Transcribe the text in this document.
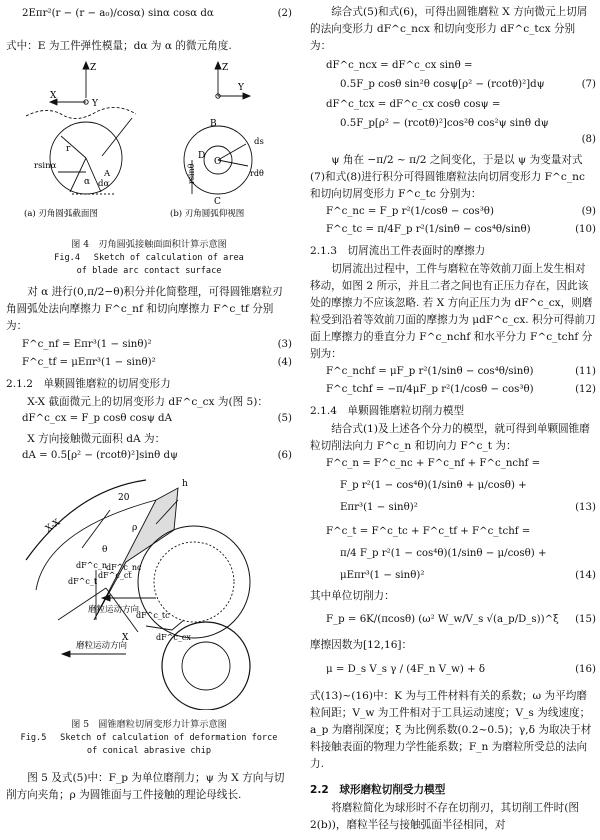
2Eπr²(r − (r − a₀)/cosα) sinα cosα dα	(2)
式中：E 为工件弹性模量；dα 为 α 的微元角度.
Z
X
Y
r
rsinα
α dα
A
(a) 刃角圆弧截面图
Z
Y
B
O
C
D
ds
rsinθ	rdθ
(b) 刃角圆弧仰视图
图 4　刃角圆弧接触面面积计算示意图
Fig.4　 Sketch of calculation of area
of blade arc contact surface
对 α 进行(0,π/2−θ)积分并化简整理，可得圆锥磨粒刃角圆弧处法向摩擦力 F^c_nf 和切向摩擦力 F^c_tf 分别为：
F^c_nf = Eπr³(1 − sinθ)²	(3)
F^c_tf = μEπr³(1 − sinθ)²	(4)
2.1.2　单颗圆锥磨粒的切屑变形力
X-X 截面微元上的切屑变形力 dF^c_cx 为(图 5)：
dF^c_cx = F_p cosθ cosψ dA	(5)
X 方向接触微元面积 dA 为：
dA = 0.5[ρ² − (rcotθ)²]sinθ dψ	(6)
X-X
20
h
ρ
θ
dF^c_n
dF^c_nc
dF^c_ct
dF^c_t
磨粒运动方向
dF^c_tc
dF^c_cx
磨粒运动方向
X
图 5　圆锥磨粒切屑变形力计算示意图
Fig.5　 Sketch of calculation of deformation force
of conical abrasive chip
图 5 及式(5)中：F_p 为单位磨削力；ψ 为 X 方向与切削方向夹角；ρ 为圆锥面与工件接触的理论母线长.
综合式(5)和式(6)，可得出圆锥磨粒 X 方向微元上切屑的法向变形力 dF^c_ncx 和切向变形力 dF^c_tcx 分别为：
dF^c_ncx = dF^c_cx sinθ =
0.5F_p cosθ sin²θ cosψ[ρ² − (rcotθ)²]dψ	(7)
dF^c_tcx = dF^c_cx cosθ cosψ =
0.5F_p[ρ² − (rcotθ)²]cos²θ cos²ψ sinθ dψ
(8)
ψ 角在 −π/2 ~ π/2 之间变化，于是以 ψ 为变量对式(7)和式(8)进行积分可得圆锥磨粒法向切屑变形力 F^c_nc 和切向切屑变形力 F^c_tc 分别为：
F^c_nc = F_p r²(1/cosθ − cos³θ)	(9)
F^c_tc = π/4F_p r²(1/sinθ − cos⁴θ/sinθ)	(10)
2.1.3　切屑流出工件表面时的摩擦力
切屑流出过程中，工件与磨粒在等效前刀面上发生相对移动，如图 2 所示，并且二者之间也有正压力存在，因此该处的摩擦力不应该忽略. 若 X 方向正压力为 dF^c_cx，则磨粒受到沿着等效前刀面的摩擦力为 μdF^c_cx. 积分可得前刀面上摩擦力的垂直分力 F^c_nchf 和水平分力 F^c_tchf 分别为：
F^c_nchf = μF_p r²(1/sinθ − cos⁴θ/sinθ)	(11)
F^c_tchf = −π/4μF_p r²(1/cosθ − cos³θ)	(12)
2.1.4　单颗圆锥磨粒切削力模型
结合式(1)及上述各个分力的模型，就可得到单颗圆锥磨粒切削法向力 F^c_n 和切向力 F^c_t 为：
F^c_n = F^c_nc + F^c_nf + F^c_nchf =
F_p r²(1 − cos⁴θ)(1/sinθ + μ/cosθ) +
Eπr³(1 − sinθ)²	(13)
F^c_t = F^c_tc + F^c_tf + F^c_tchf =
π/4 F_p r²(1 − cos⁴θ)(1/sinθ − μ/cosθ) +
μEπr³(1 − sinθ)²	(14)
其中单位切削力：
F_p = 6K/(πcosθ) (ω² W_w/V_s √(a_p/D_s))^ξ (15)
摩擦因数为[12,16]：
μ = D_s V_s γ / (4F_n V_w) + δ	(16)
式(13)~(16)中：K 为与工件材料有关的系数；ω 为平均磨粒间距；V_w 为工件相对于工具运动速度；V_s 为线速度；a_p 为磨削深度；ξ 为比例系数(0.2~0.5)；γ,δ 为取决于材料接触表面的物理力学性能系数；F_n 为磨粒所受总的法向力.
2.2　球形磨粒切削受力模型
将磨粒简化为球形时不存在切削刃，其切削工件时(图 2(b))，磨粒半径与接触弧面半径相同，对
